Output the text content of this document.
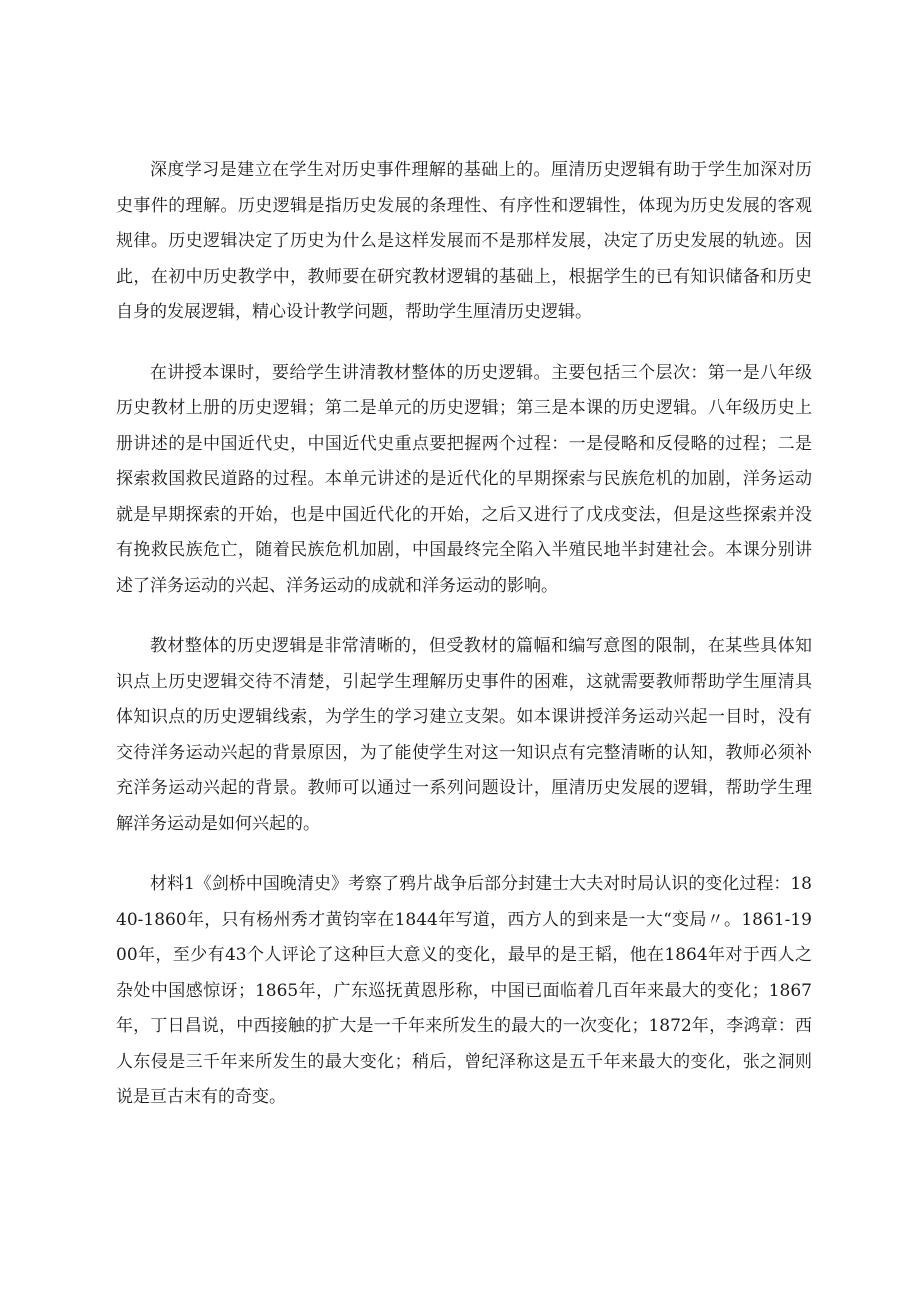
深度学习是建立在学生对历史事件理解的基础上的。厘清历史逻辑有助于学生加深对历史事件的理解。历史逻辑是指历史发展的条理性、有序性和逻辑性，体现为历史发展的客观规律。历史逻辑决定了历史为什么是这样发展而不是那样发展，决定了历史发展的轨迹。因此，在初中历史教学中，教师要在研究教材逻辑的基础上，根据学生的已有知识储备和历史自身的发展逻辑，精心设计教学问题，帮助学生厘清历史逻辑。

在讲授本课时，要给学生讲清教材整体的历史逻辑。主要包括三个层次：第一是八年级历史教材上册的历史逻辑；第二是单元的历史逻辑；第三是本课的历史逻辑。八年级历史上册讲述的是中国近代史，中国近代史重点要把握两个过程：一是侵略和反侵略的过程；二是探索救国救民道路的过程。本单元讲述的是近代化的早期探索与民族危机的加剧，洋务运动就是早期探索的开始，也是中国近代化的开始，之后又进行了戊戌变法，但是这些探索并没有挽救民族危亡，随着民族危机加剧，中国最终完全陷入半殖民地半封建社会。本课分别讲述了洋务运动的兴起、洋务运动的成就和洋务运动的影响。

教材整体的历史逻辑是非常清晰的，但受教材的篇幅和编写意图的限制，在某些具体知识点上历史逻辑交待不清楚，引起学生理解历史事件的困难，这就需要教师帮助学生厘清具体知识点的历史逻辑线索，为学生的学习建立支架。如本课讲授洋务运动兴起一目时，没有交待洋务运动兴起的背景原因，为了能使学生对这一知识点有完整清晰的认知，教师必须补充洋务运动兴起的背景。教师可以通过一系列问题设计，厘清历史发展的逻辑，帮助学生理解洋务运动是如何兴起的。

材料1《剑桥中国晚清史》考察了鸦片战争后部分封建士大夫对时局认识的变化过程：1840-1860年，只有杨州秀才黄钧宰在1844年写道，西方人的到来是一大“变局〃。1861-1900年，至少有43个人评论了这种巨大意义的变化，最早的是王韬，他在1864年对于西人之杂处中国感惊讶；1865年，广东巡抚黄恩彤称，中国已面临着几百年来最大的变化；1867年，丁日昌说，中西接触的扩大是一千年来所发生的最大的一次变化；1872年，李鸿章：西人东侵是三千年来所发生的最大变化；稍后，曾纪泽称这是五千年来最大的变化，张之洞则说是亘古末有的奇变。
